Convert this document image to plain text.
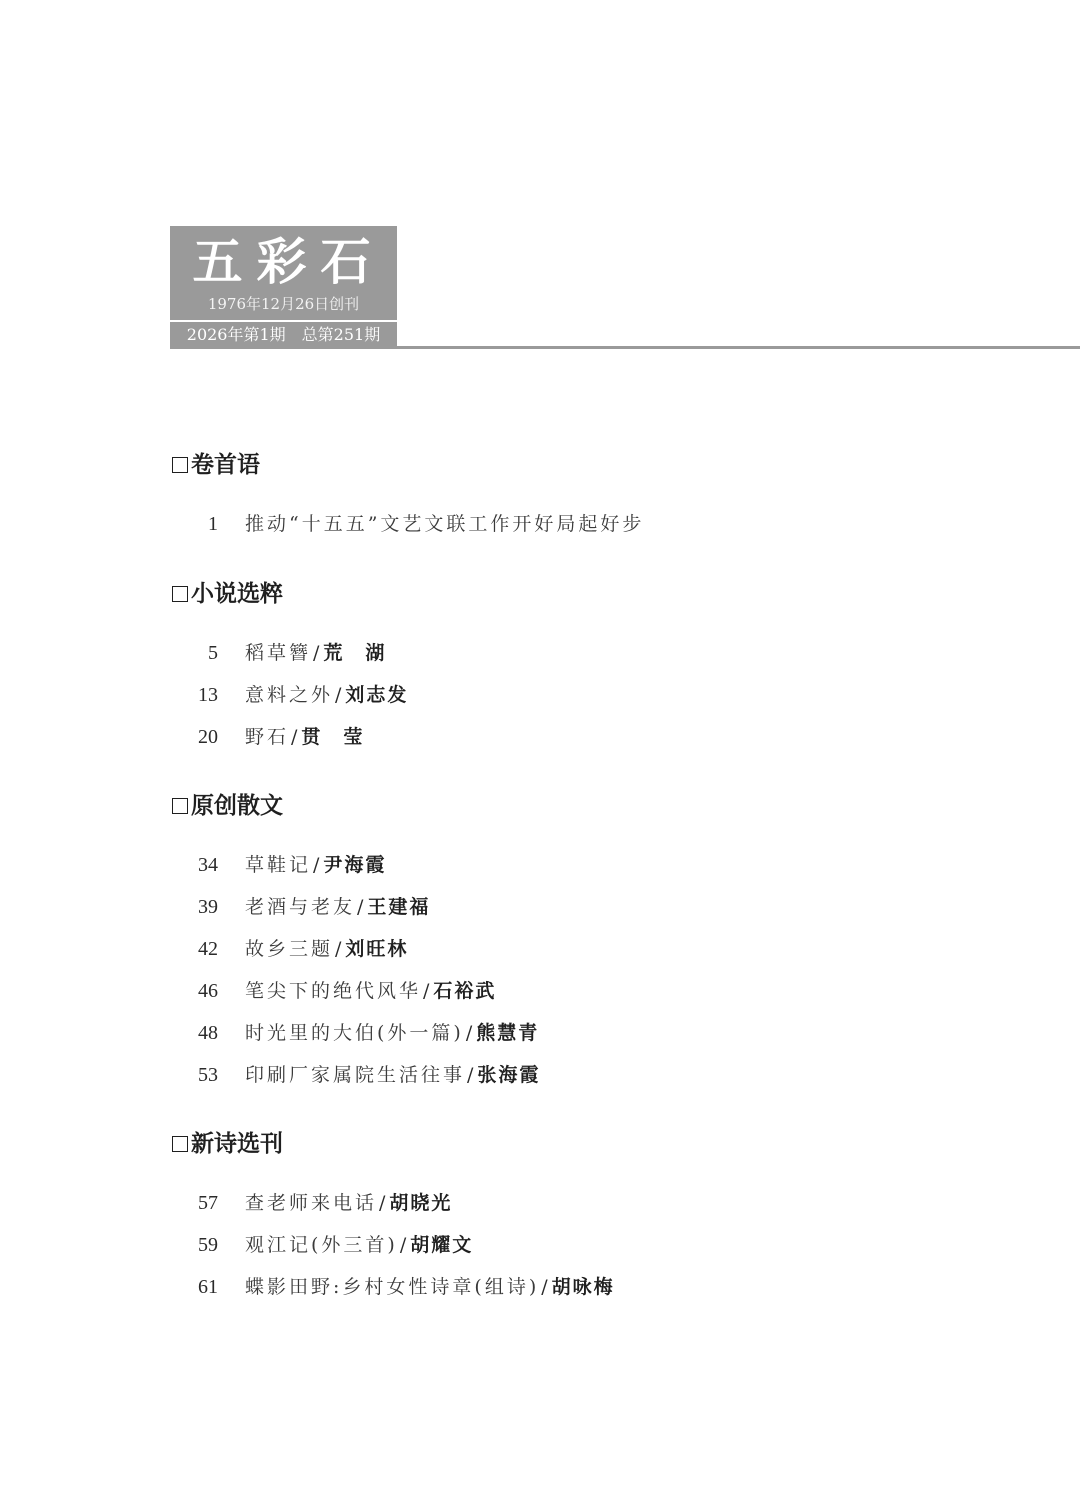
五彩石
1976年12月26日创刊
2026年第1期　总第251期
卷首语
1 推动“十五五”文艺文联工作开好局起好步
小说选粹
5 稻草簪 / 荒　湖
13 意料之外 / 刘志发
20 野石 / 贯　莹
原创散文
34 草鞋记 / 尹海霞
39 老酒与老友 / 王建福
42 故乡三题 / 刘旺林
46 笔尖下的绝代风华 / 石裕武
48 时光里的大伯(外一篇) / 熊慧青
53 印刷厂家属院生活往事 / 张海霞
新诗选刊
57 查老师来电话 / 胡晓光
59 观江记(外三首) / 胡耀文
61 蝶影田野:乡村女性诗章(组诗) / 胡咏梅
